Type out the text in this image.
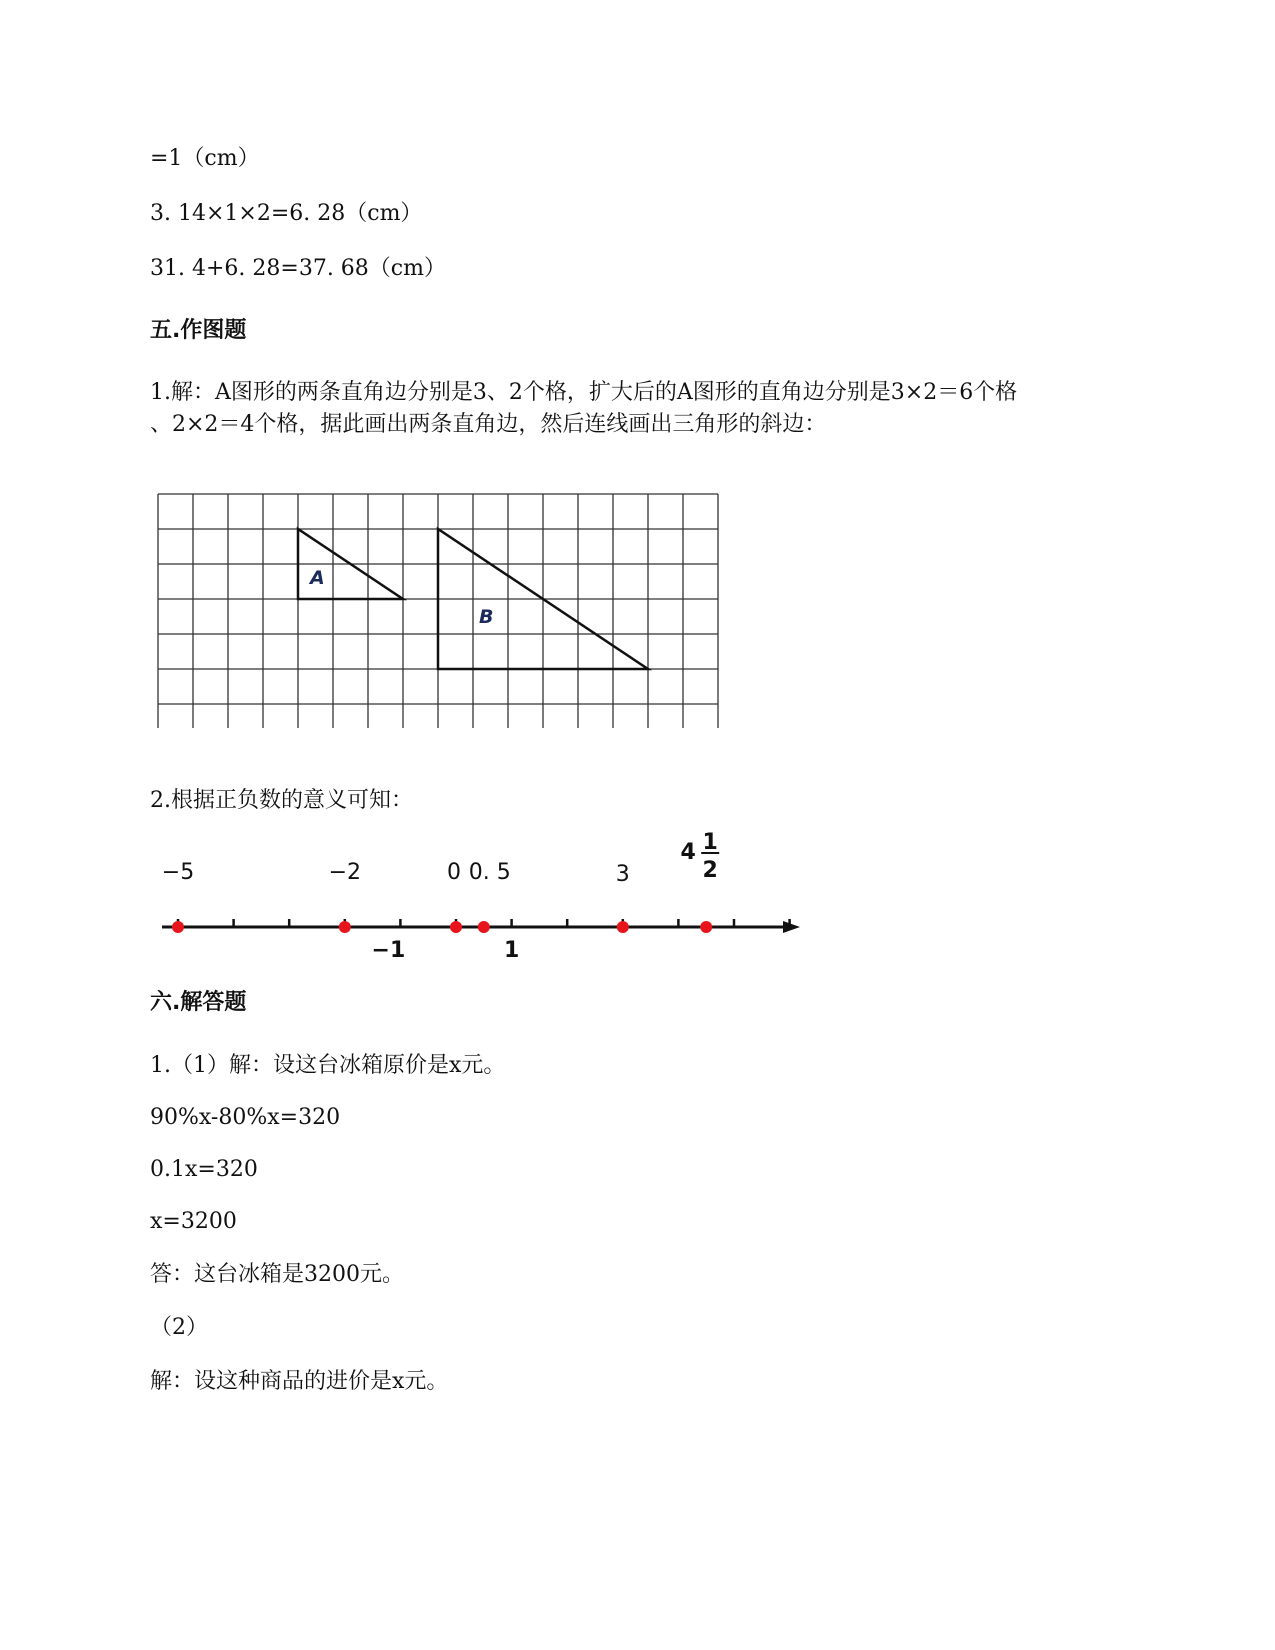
=1（cm）
3. 14×1×2=6. 28（cm）
31. 4+6. 28=37. 68（cm）
五.作图题
1.解：A图形的两条直角边分别是3、2个格，扩大后的A图形的直角边分别是3×2＝6个格
、2×2＝4个格，据此画出两条直角边，然后连线画出三角形的斜边：
A
B
2.根据正负数的意义可知：
−5	−2	0 0. 5	3
4 1
2
−1	1
六.解答题
1.（1）解：设这台冰箱原价是x元。
90%x-80%x=320
0.1x=320
x=3200
答：这台冰箱是3200元。
（2）
解：设这种商品的进价是x元。
